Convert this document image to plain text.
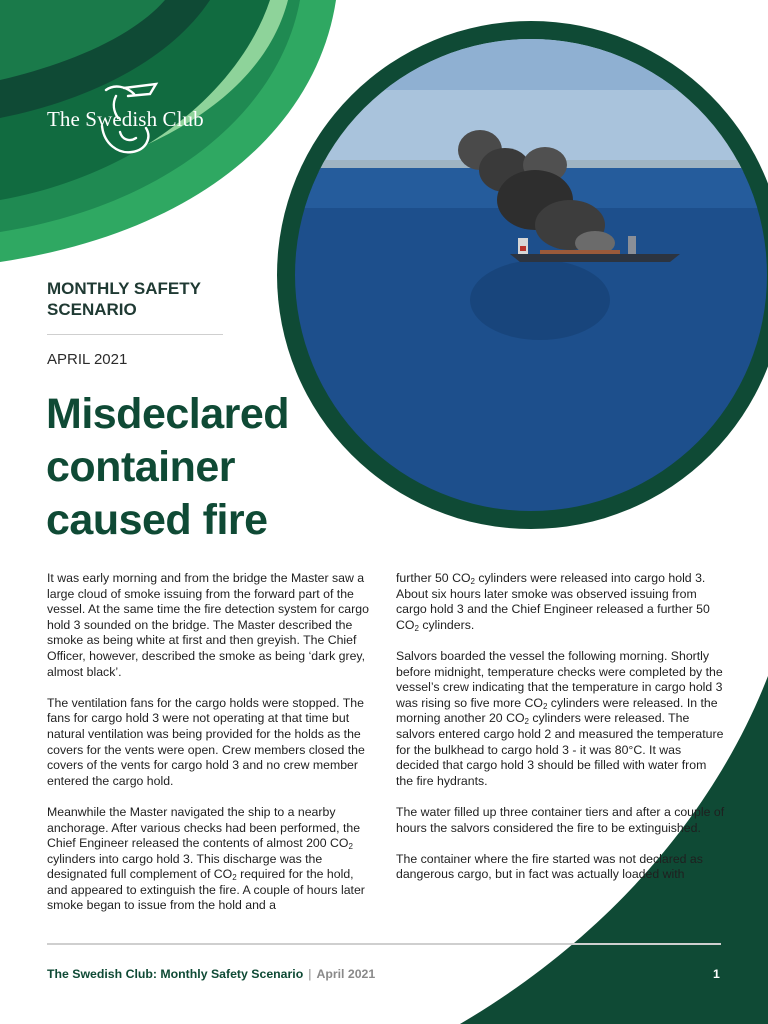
The Swedish Club
MONTHLY SAFETY SCENARIO
APRIL 2021
Misdeclared
container
caused fire

It was early morning and from the bridge the Master saw a large cloud of smoke issuing from the forward part of the vessel. At the same time the fire detection system for cargo hold 3 sounded on the bridge. The Master described the smoke as being white at first and then greyish. The Chief Officer, however, described the smoke as being ‘dark grey, almost black’.

The ventilation fans for the cargo holds were stopped. The fans for cargo hold 3 were not operating at that time but natural ventilation was being provided for the holds as the covers for the vents were open. Crew members closed the covers of the vents for cargo hold 3 and no crew member entered the cargo hold.

Meanwhile the Master navigated the ship to a nearby anchorage. After various checks had been performed, the Chief Engineer released the contents of almost 200 $CO_2$ cylinders into cargo hold 3. This discharge was the designated full complement of $CO_2$ required for the hold, and appeared to extinguish the fire. A couple of hours later smoke began to issue from the hold and a

further 50 $CO_2$ cylinders were released into cargo hold 3. About six hours later smoke was observed issuing from cargo hold 3 and the Chief Engineer released a further 50 $CO_2$ cylinders.

Salvors boarded the vessel the following morning. Shortly before midnight, temperature checks were completed by the vessel’s crew indicating that the temperature in cargo hold 3 was rising so five more $CO_2$ cylinders were released. In the morning another 20 $CO_2$ cylinders were released. The salvors entered cargo hold 2 and measured the temperature for the bulkhead to cargo hold 3 - it was 80°C. It was decided that cargo hold 3 should be filled with water from the fire hydrants.

The water filled up three container tiers and after a couple of hours the salvors considered the fire to be extinguished.

The container where the fire started was not declared as dangerous cargo, but in fact was actually loaded with

The Swedish Club: Monthly Safety Scenario | April 2021	1
